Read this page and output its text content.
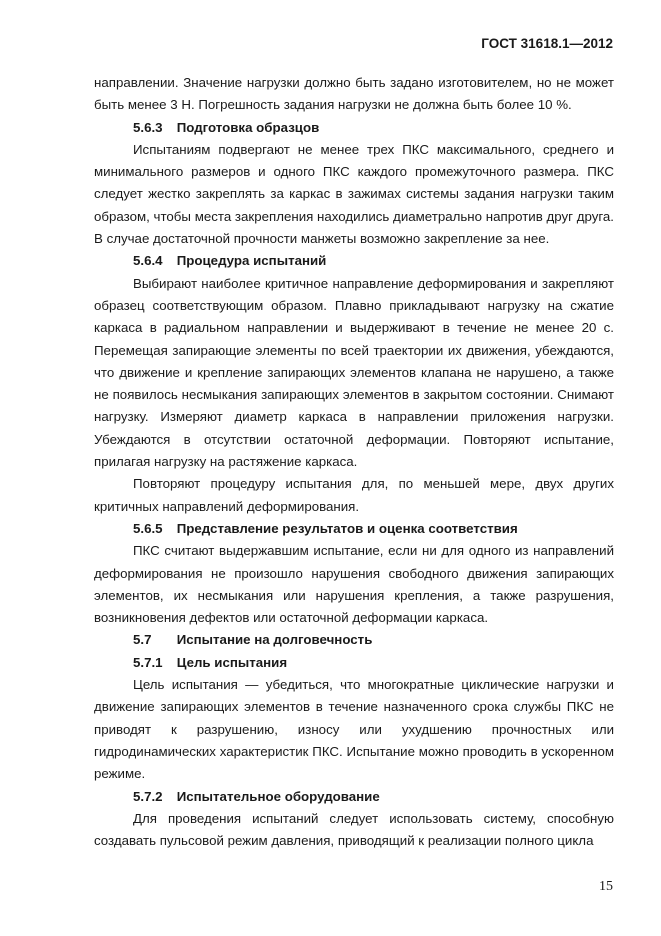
ГОСТ 31618.1—2012

направлении. Значение нагрузки должно быть задано изготовителем, но не может быть менее 3 Н. Погрешность задания нагрузки не должна быть более 10 %.

5.6.3 Подготовка образцов

Испытаниям подвергают не менее трех ПКС максимального, среднего и минимального размеров и одного ПКС каждого промежуточного размера. ПКС следует жестко закреплять за каркас в зажимах системы задания нагрузки таким образом, чтобы места закрепления находились диаметрально напротив друг друга. В случае достаточной прочности манжеты возможно закрепление за нее.

5.6.4 Процедура испытаний

Выбирают наиболее критичное направление деформирования и закрепляют образец соответствующим образом. Плавно прикладывают нагрузку на сжатие каркаса в радиальном направлении и выдерживают в течение не менее 20 с. Перемещая запирающие элементы по всей траектории их движения, убеждаются, что движение и крепление запирающих элементов клапана не нарушено, а также не появилось несмыкания запирающих элементов в закрытом состоянии. Снимают нагрузку. Измеряют диаметр каркаса в направлении приложения нагрузки. Убеждаются в отсутствии остаточной деформации. Повторяют испытание, прилагая нагрузку на растяжение каркаса.

Повторяют процедуру испытания для, по меньшей мере, двух других критичных направлений деформирования.

5.6.5 Представление результатов и оценка соответствия

ПКС считают выдержавшим испытание, если ни для одного из направлений деформирования не произошло нарушения свободного движения запирающих элементов, их несмыкания или нарушения крепления, а также разрушения, возникновения дефектов или остаточной деформации каркаса.

5.7 Испытание на долговечность
5.7.1 Цель испытания

Цель испытания — убедиться, что многократные циклические нагрузки и движение запирающих элементов в течение назначенного срока службы ПКС не приводят к разрушению, износу или ухудшению прочностных или гидродинамических характеристик ПКС. Испытание можно проводить в ускоренном режиме.

5.7.2 Испытательное оборудование

Для проведения испытаний следует использовать систему, способную создавать пульсовой режим давления, приводящий к реализации полного цикла

15
